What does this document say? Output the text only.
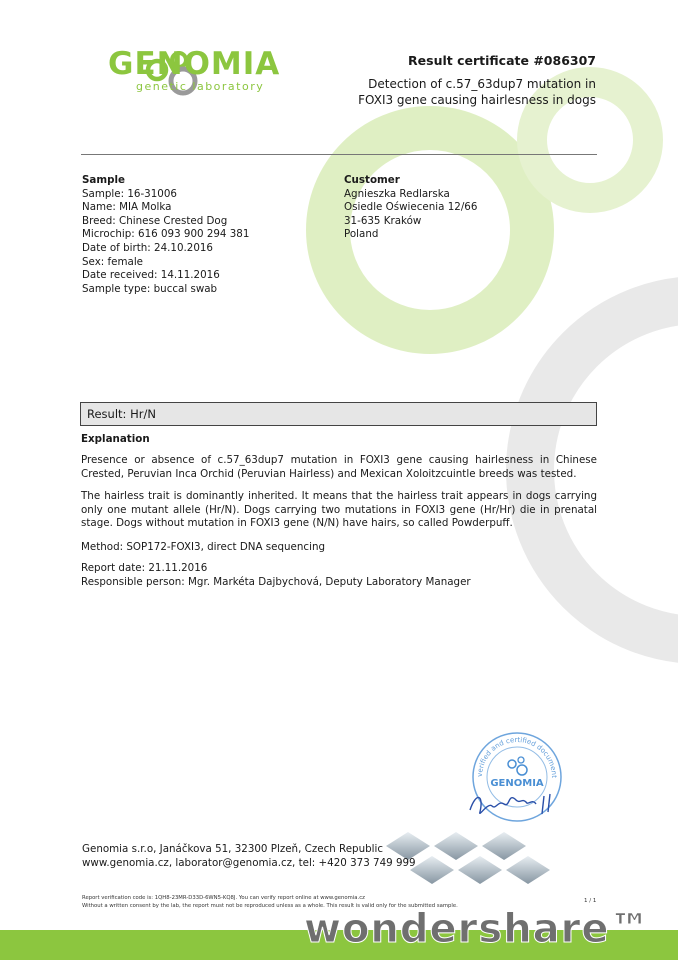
GENOMIA
genetic laboratory
Result certificate #086307
Detection of c.57_63dup7 mutation in FOXI3 gene causing hairlesness in dogs
Sample
Sample: 16-31006
Name: MIA Molka
Breed: Chinese Crested Dog
Microchip: 616 093 900 294 381
Date of birth: 24.10.2016
Sex: female
Date received: 14.11.2016
Sample type: buccal swab
Customer
Agnieszka Redlarska
Osiedle Oświecenia 12/66
31-635 Kraków
Poland
Result: Hr/N
Explanation
Presence or absence of c.57_63dup7 mutation in FOXI3 gene causing hairlesness in Chinese Crested, Peruvian Inca Orchid (Peruvian Hairless) and Mexican Xoloitzcuintle breeds was tested.
The hairless trait is dominantly inherited. It means that the hairless trait appears in dogs carrying only one mutant allele (Hr/N). Dogs carrying two mutations in FOXI3 gene (Hr/Hr) die in prenatal stage. Dogs without mutation in FOXI3 gene (N/N) have hairs, so called Powderpuff.
Method: SOP172-FOXI3, direct DNA sequencing
Report date: 21.11.2016
Responsible person: Mgr. Markéta Dajbychová, Deputy Laboratory Manager
verified and certified document
GENOMIA
Genomia s.r.o, Janáčkova 51, 32300 Plzeň, Czech Republic
www.genomia.cz, laborator@genomia.cz, tel: +420 373 749 999
Report verification code is: 1QH8-23MR-D33D-6WN5-KQ8J. You can verify report online at www.genomia.cz
Without a written consent by the lab, the report must not be reproduced unless as a whole. This result is valid only for the submitted sample.
1 / 1
wondershare™
